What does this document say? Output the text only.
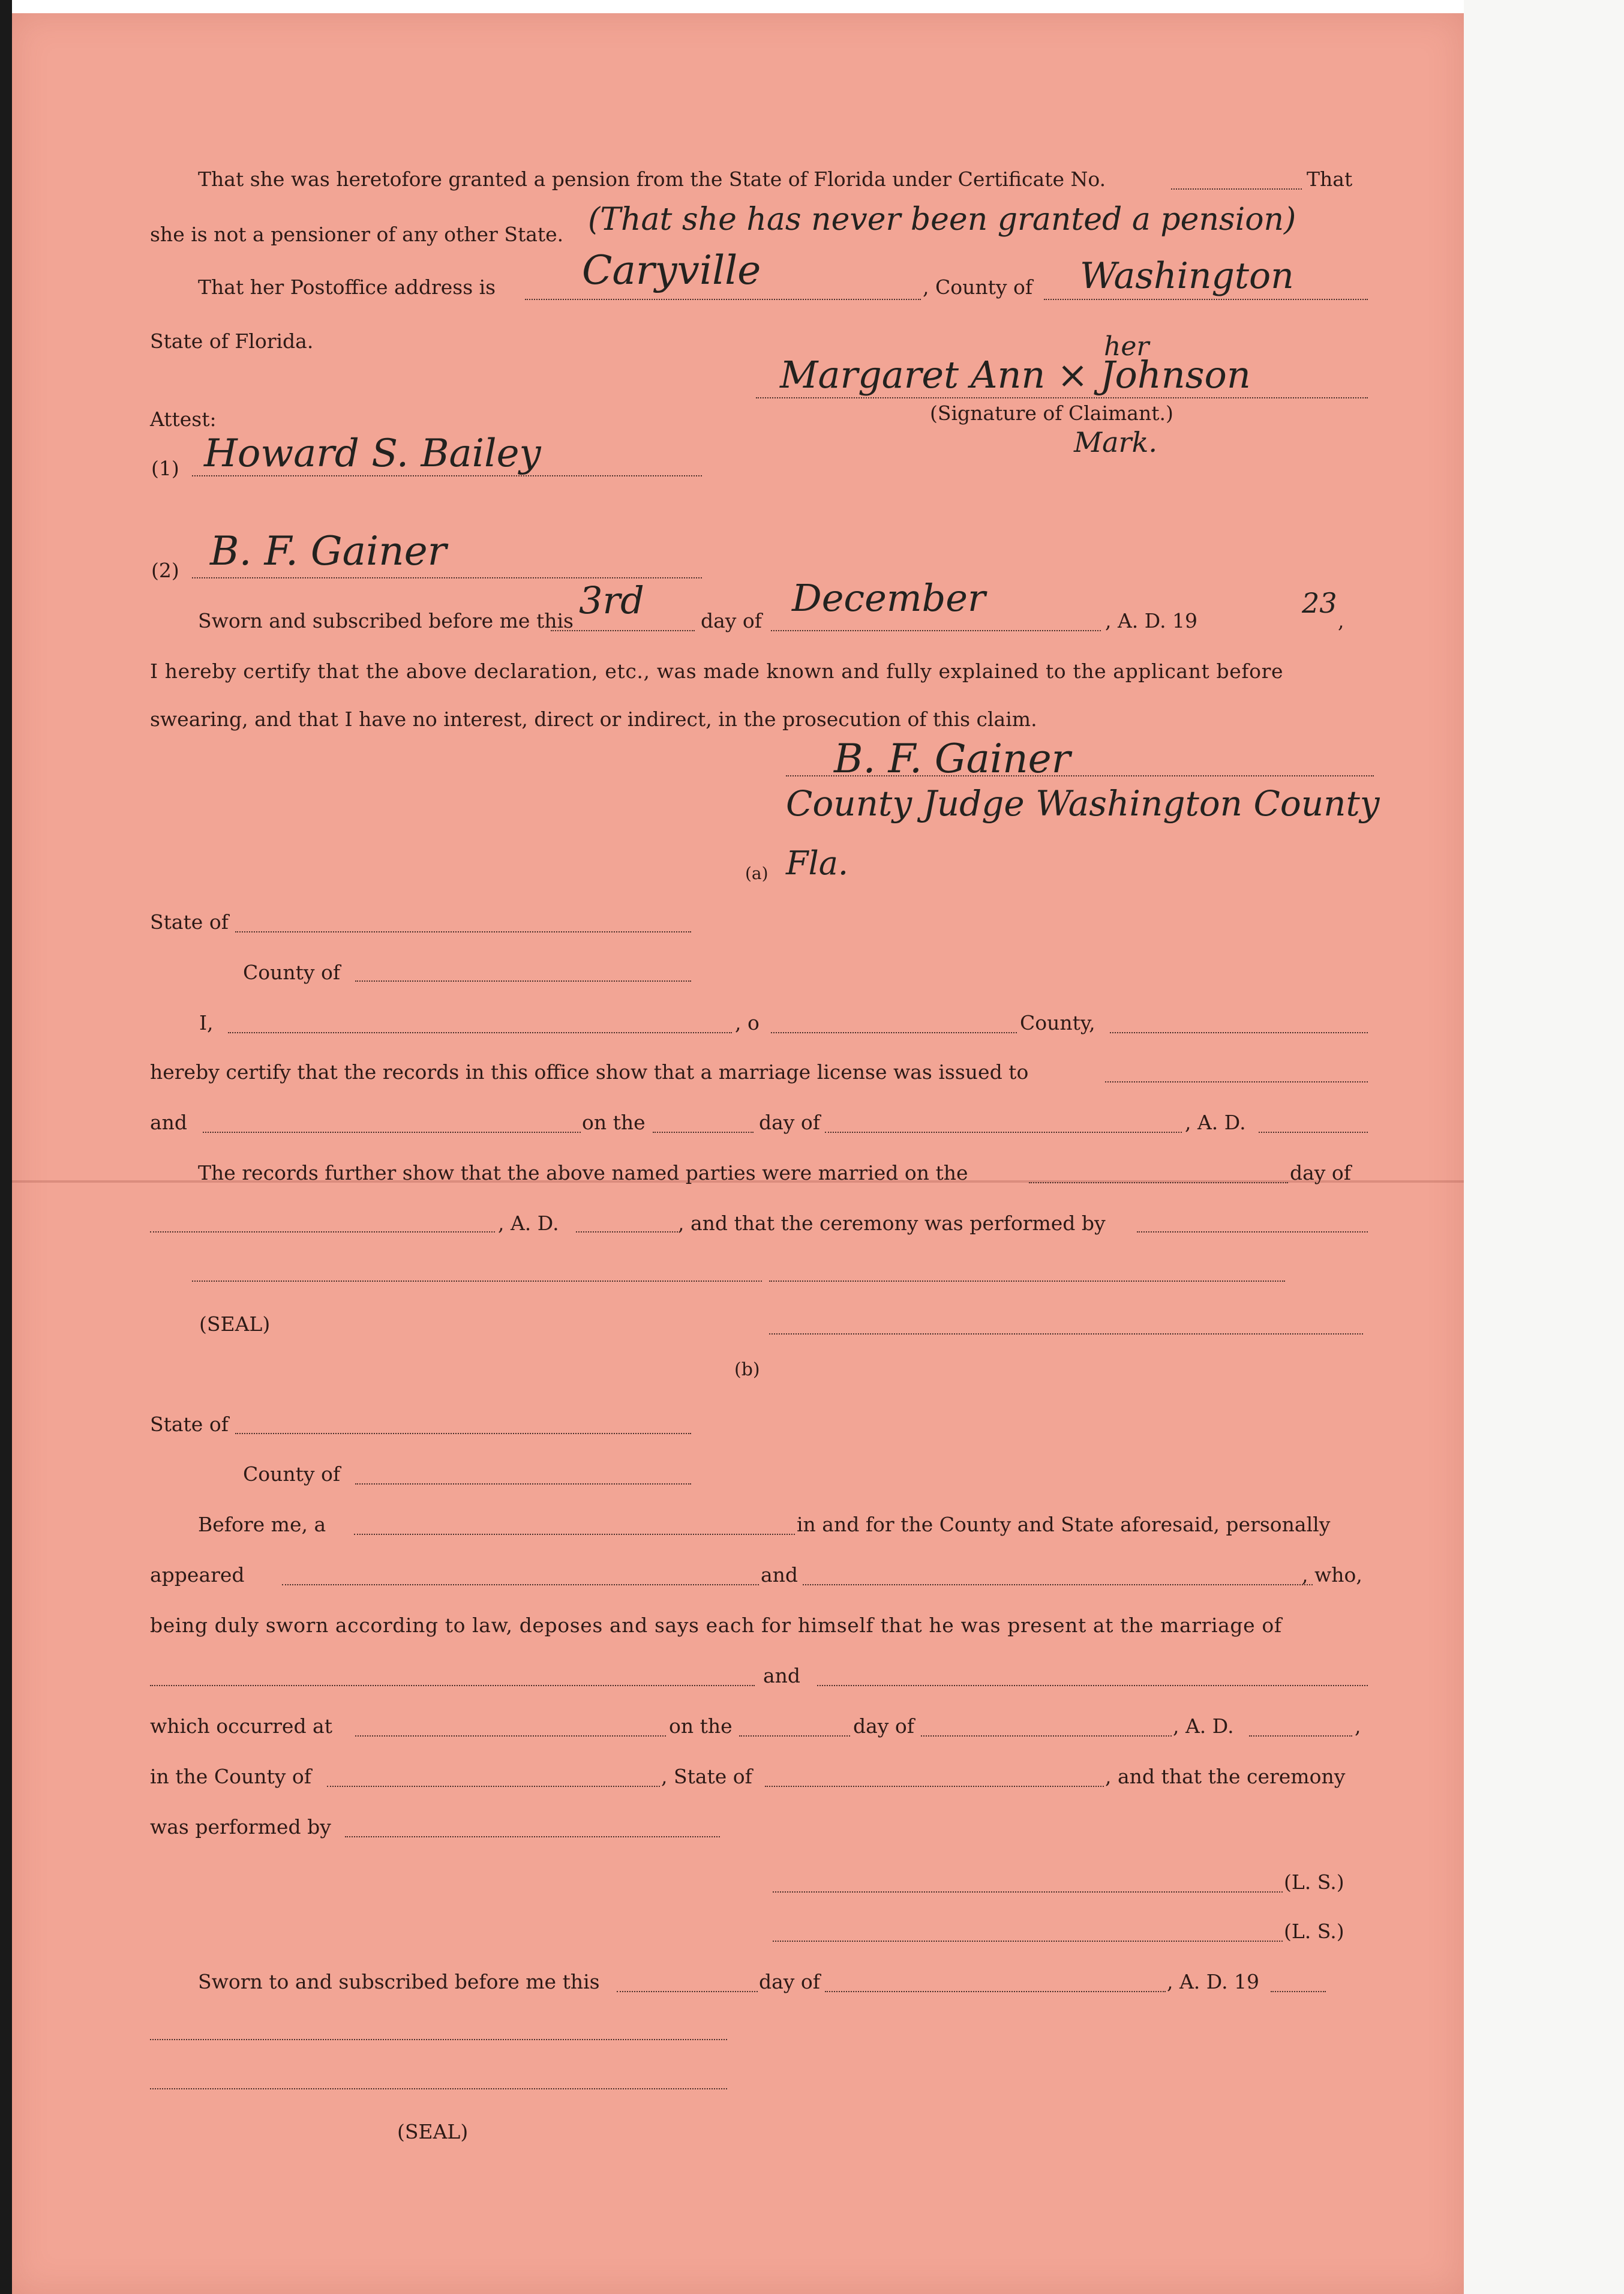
That she was heretofore granted a pension from the State of Florida under Certificate No.	That
she is not a pensioner of any other State. (That she has never been granted a pension)
That her Postoffice address is Caryville	, County of Washington
State of Florida.	her
Margaret Ann × Johnson
(Signature of Claimant.)
Mark.
Attest:
(1) Howard S. Bailey
(2) B. F. Gainer
Sworn and subscribed before me this 3rd	day of
December
, A. D. 19
23
,
I hereby certify that the above declaration, etc., was made known and fully explained to the applicant before
swearing, and that I have no interest, direct or indirect, in the prosecution of this claim.
B. F. Gainer
County Judge Washington County
(a) Fla.
State of
County of
I,	, o	County,
hereby certify that the records in this office show that a marriage license was issued to
and	on the	day of	, A. D.
The records further show that the above named parties were married on the	day of
, A. D.	, and that the ceremony was performed by
(SEAL)
(b)
State of
County of
Before me, a	in and for the County and State aforesaid, personally
appeared	and	, who,
being duly sworn according to law, deposes and says each for himself that he was present at the marriage of
and
which occurred at	on the	day of	, A. D.	,
in the County of	, State of	, and that the ceremony
was performed by
(L. S.)
(L. S.)
Sworn to and subscribed before me this	day of	, A. D. 19
(SEAL)
